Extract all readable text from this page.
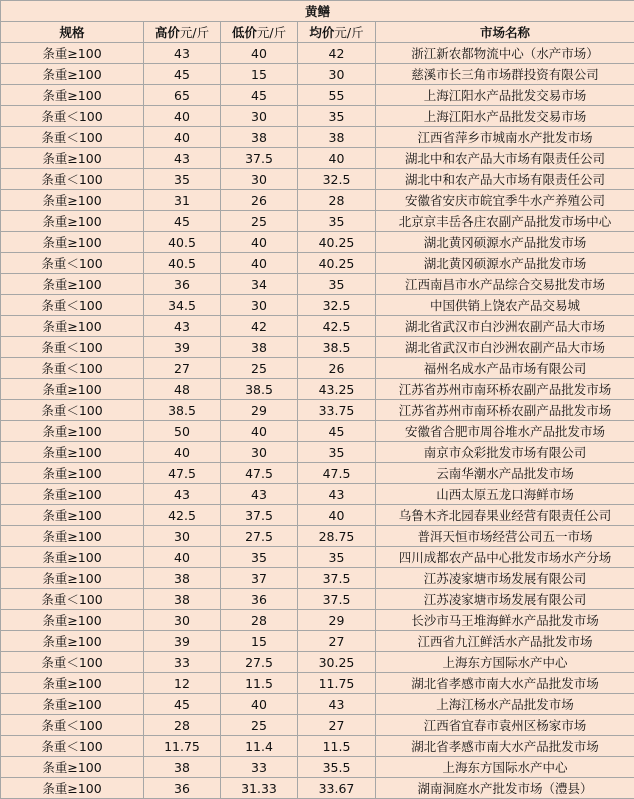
黄鳝				
规格	高价元/斤	低价元/斤	均价元/斤	市场名称
条重≥100	43	40	42	浙江新农都物流中心（水产市场）
条重≥100	45	15	30	慈溪市长三角市场群投资有限公司
条重≥100	65	45	55	上海江阳水产品批发交易市场
条重＜100	40	30	35	上海江阳水产品批发交易市场
条重＜100	40	38	38	江西省萍乡市城南水产批发市场
条重≥100	43	37.5	40	湖北中和农产品大市场有限责任公司
条重＜100	35	30	32.5	湖北中和农产品大市场有限责任公司
条重≥100	31	26	28	安徽省安庆市皖宜季牛水产养殖公司
条重≥100	45	25	35	北京京丰岳各庄农副产品批发市场中心
条重≥100	40.5	40	40.25	湖北黄冈硕源水产品批发市场
条重＜100	40.5	40	40.25	湖北黄冈硕源水产品批发市场
条重≥100	36	34	35	江西南昌市水产品综合交易批发市场
条重＜100	34.5	30	32.5	中国供销上饶农产品交易城
条重≥100	43	42	42.5	湖北省武汉市白沙洲农副产品大市场
条重＜100	39	38	38.5	湖北省武汉市白沙洲农副产品大市场
条重＜100	27	25	26	福州名成水产品市场有限公司
条重≥100	48	38.5	43.25	江苏省苏州市南环桥农副产品批发市场
条重＜100	38.5	29	33.75	江苏省苏州市南环桥农副产品批发市场
条重≥100	50	40	45	安徽省合肥市周谷堆水产品批发市场
条重≥100	40	30	35	南京市众彩批发市场有限公司
条重≥100	47.5	47.5	47.5	云南华潮水产品批发市场
条重≥100	43	43	43	山西太原五龙口海鲜市场
条重≥100	42.5	37.5	40	乌鲁木齐北园春果业经营有限责任公司
条重≥100	30	27.5	28.75	普洱天恒市场经营公司五一市场
条重≥100	40	35	35	四川成都农产品中心批发市场水产分场
条重≥100	38	37	37.5	江苏凌家塘市场发展有限公司
条重＜100	38	36	37.5	江苏凌家塘市场发展有限公司
条重≥100	30	28	29	长沙市马王堆海鲜水产品批发市场
条重≥100	39	15	27	江西省九江鲜活水产品批发市场
条重＜100	33	27.5	30.25	上海东方国际水产中心
条重≥100	12	11.5	11.75	湖北省孝感市南大水产品批发市场
条重≥100	45	40	43	上海江杨水产品批发市场
条重＜100	28	25	27	江西省宜春市袁州区杨家市场
条重＜100	11.75	11.4	11.5	湖北省孝感市南大水产品批发市场
条重≥100	38	33	35.5	上海东方国际水产中心
条重≥100	36	31.33	33.67	湖南洞庭水产批发市场（澧县）
